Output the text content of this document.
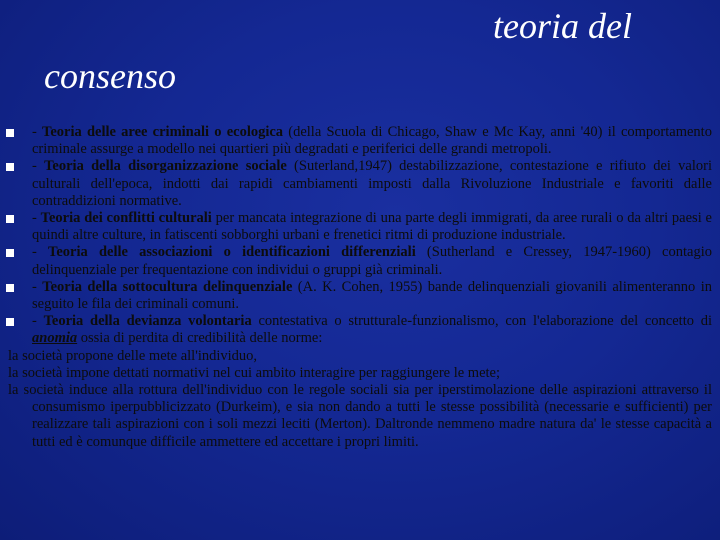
teoria del
consenso
- Teoria delle aree criminali o ecologica (della Scuola di Chicago, Shaw e Mc Kay, anni '40) il comportamento criminale assurge a modello nei quartieri più degradati e periferici delle grandi metropoli.
- Teoria della disorganizzazione sociale (Suterland,1947) destabilizzazione, contestazione e rifiuto dei valori culturali dell'epoca, indotti dai rapidi cambiamenti imposti dalla Rivoluzione Industriale e favoriti dalle contraddizioni normative.
- Teoria dei conflitti culturali per mancata integrazione di una parte degli immigrati, da aree rurali o da altri paesi e quindi altre culture, in fatiscenti sobborghi urbani e frenetici ritmi di produzione industriale.
- Teoria delle associazioni o identificazioni differenziali (Sutherland e Cressey, 1947-1960) contagio delinquenziale per frequentazione con individui o gruppi già criminali.
- Teoria della sottocultura delinquenziale (A. K. Cohen, 1955) bande delinquenziali giovanili alimenteranno in seguito le fila dei criminali comuni.
- Teoria della devianza volontaria contestativa o strutturale-funzionalismo, con l'elaborazione del concetto di anomia ossia di perdita di credibilità delle norme:
la società propone delle mete all'individuo,
la società impone dettati normativi nel cui ambito interagire per raggiungere le mete;
la società induce alla rottura dell'individuo con le regole sociali sia per iperstimolazione delle aspirazioni attraverso il consumismo iperpubblicizzato (Durkeim), e sia non dando a tutti le stesse possibilità (necessarie e sufficienti) per realizzare tali aspirazioni con i soli mezzi leciti (Merton). Daltronde nemmeno madre natura da' le stesse capacità a tutti ed è comunque difficile ammettere ed accettare i propri limiti.
